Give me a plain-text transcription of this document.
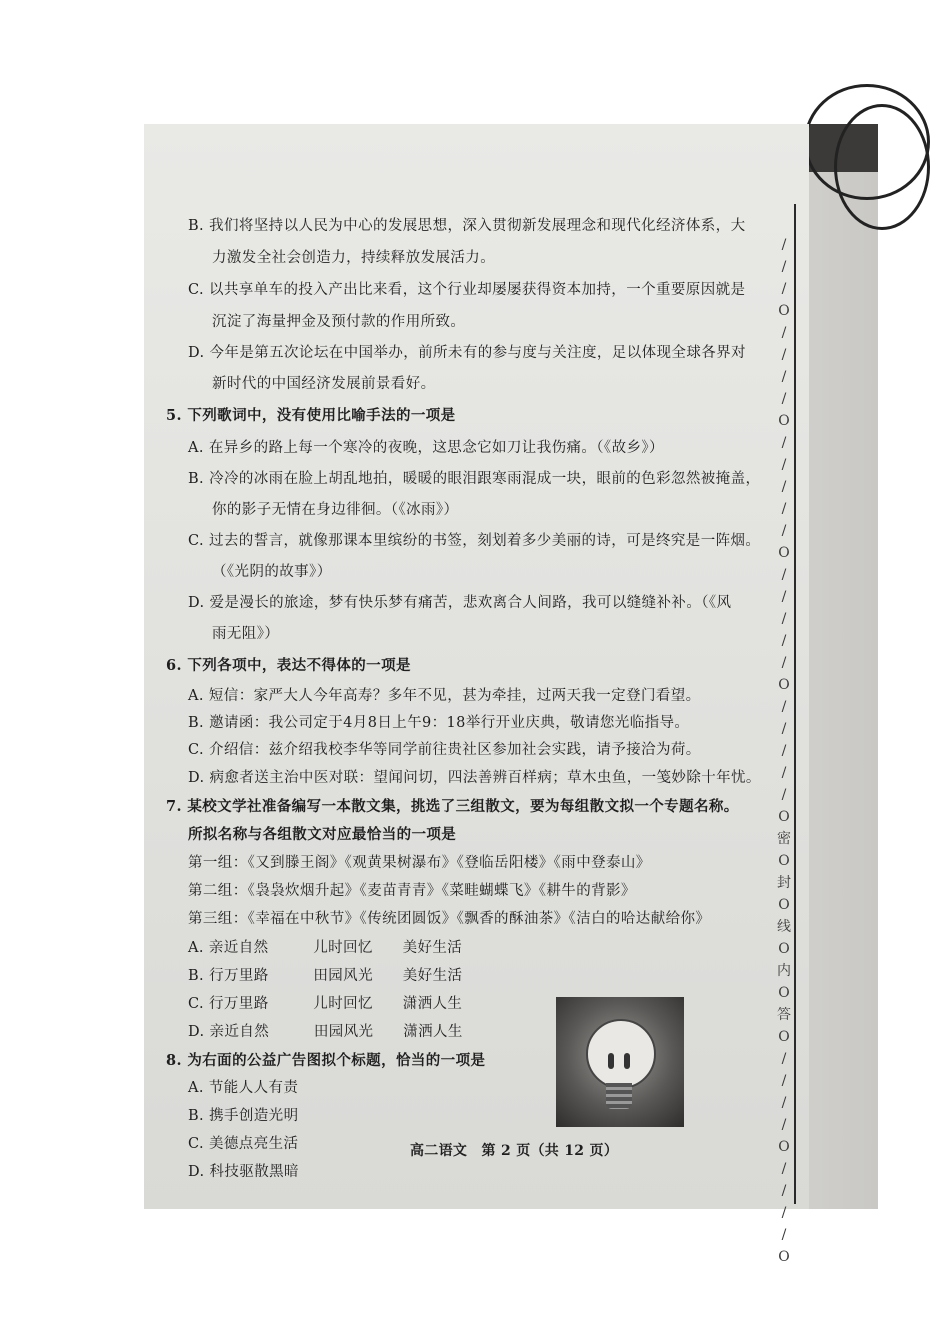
/
/
/
O
/
/
/
/
O
/
/
/
/
/
O
/
/
/
/
/
O
/
/
/
/
/
O
密
O
封
O
线
O
内
O
答
O
/
/
/
/
O
/
/
/
/
O
B. 我们将坚持以人民为中心的发展思想，深入贯彻新发展理念和现代化经济体系，大
力激发全社会创造力，持续释放发展活力。
C. 以共享单车的投入产出比来看，这个行业却屡屡获得资本加持，一个重要原因就是
沉淀了海量押金及预付款的作用所致。
D. 今年是第五次论坛在中国举办，前所未有的参与度与关注度，足以体现全球各界对
新时代的中国经济发展前景看好。
5. 下列歌词中，没有使用比喻手法的一项是
A. 在异乡的路上每一个寒冷的夜晚，这思念它如刀让我伤痛。（《故乡》）
B. 冷冷的冰雨在脸上胡乱地拍，暖暖的眼泪跟寒雨混成一块，眼前的色彩忽然被掩盖，
你的影子无情在身边徘徊。（《冰雨》）
C. 过去的誓言，就像那课本里缤纷的书签，刻划着多少美丽的诗，可是终究是一阵烟。
（《光阴的故事》）
D. 爱是漫长的旅途，梦有快乐梦有痛苦，悲欢离合人间路，我可以缝缝补补。（《风
雨无阻》）
6. 下列各项中，表达不得体的一项是
A. 短信：家严大人今年高寿？多年不见，甚为牵挂，过两天我一定登门看望。
B. 邀请函：我公司定于4月8日上午9：18举行开业庆典，敬请您光临指导。
C. 介绍信：兹介绍我校李华等同学前往贵社区参加社会实践，请予接洽为荷。
D. 病愈者送主治中医对联：望闻问切，四法善辨百样病；草木虫鱼，一笺妙除十年忧。
7. 某校文学社准备编写一本散文集，挑选了三组散文，要为每组散文拟一个专题名称。
所拟名称与各组散文对应最恰当的一项是
第一组：《又到滕王阁》《观黄果树瀑布》《登临岳阳楼》《雨中登泰山》
第二组：《袅袅炊烟升起》《麦苗青青》《菜畦蝴蝶飞》《耕牛的背影》
第三组：《幸福在中秋节》《传统团圆饭》《飘香的酥油茶》《洁白的哈达献给你》
A. 亲近自然　　　儿时回忆　　美好生活
B. 行万里路　　　田园风光　　美好生活
C. 行万里路　　　儿时回忆　　潇洒人生
D. 亲近自然　　　田园风光　　潇洒人生
8. 为右面的公益广告图拟个标题，恰当的一项是
A. 节能人人有责
B. 携手创造光明
C. 美德点亮生活
D. 科技驱散黑暗
高二语文　第 2 页（共 12 页）
